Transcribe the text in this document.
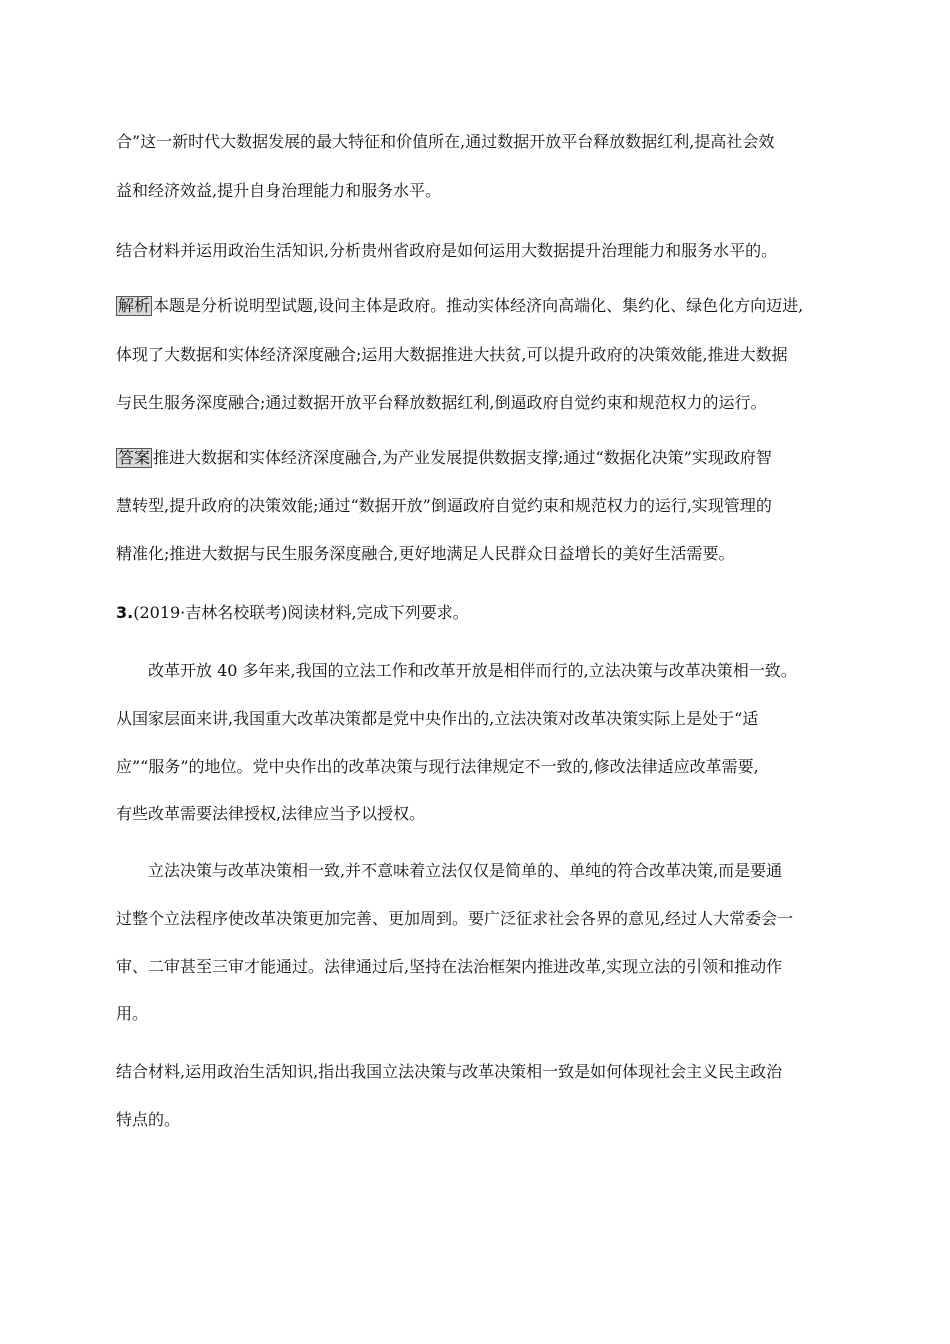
合”这一新时代大数据发展的最大特征和价值所在,通过数据开放平台释放数据红利,提高社会效
益和经济效益,提升自身治理能力和服务水平。
结合材料并运用政治生活知识,分析贵州省政府是如何运用大数据提升治理能力和服务水平的。
解析 本题是分析说明型试题,设问主体是政府。推动实体经济向高端化、集约化、绿色化方向迈进,
体现了大数据和实体经济深度融合;运用大数据推进大扶贫,可以提升政府的决策效能,推进大数据
与民生服务深度融合;通过数据开放平台释放数据红利,倒逼政府自觉约束和规范权力的运行。
答案 推进大数据和实体经济深度融合,为产业发展提供数据支撑;通过“数据化决策”实现政府智
慧转型,提升政府的决策效能;通过“数据开放”倒逼政府自觉约束和规范权力的运行,实现管理的
精准化;推进大数据与民生服务深度融合,更好地满足人民群众日益增长的美好生活需要。
3.(2019·吉林名校联考)阅读材料,完成下列要求。
改革开放 40 多年来,我国的立法工作和改革开放是相伴而行的,立法决策与改革决策相一致。
从国家层面来讲,我国重大改革决策都是党中央作出的,立法决策对改革决策实际上是处于“适
应”“服务”的地位。党中央作出的改革决策与现行法律规定不一致的,修改法律适应改革需要,
有些改革需要法律授权,法律应当予以授权。
立法决策与改革决策相一致,并不意味着立法仅仅是简单的、单纯的符合改革决策,而是要通
过整个立法程序使改革决策更加完善、更加周到。要广泛征求社会各界的意见,经过人大常委会一
审、二审甚至三审才能通过。法律通过后,坚持在法治框架内推进改革,实现立法的引领和推动作
用。
结合材料,运用政治生活知识,指出我国立法决策与改革决策相一致是如何体现社会主义民主政治
特点的。
